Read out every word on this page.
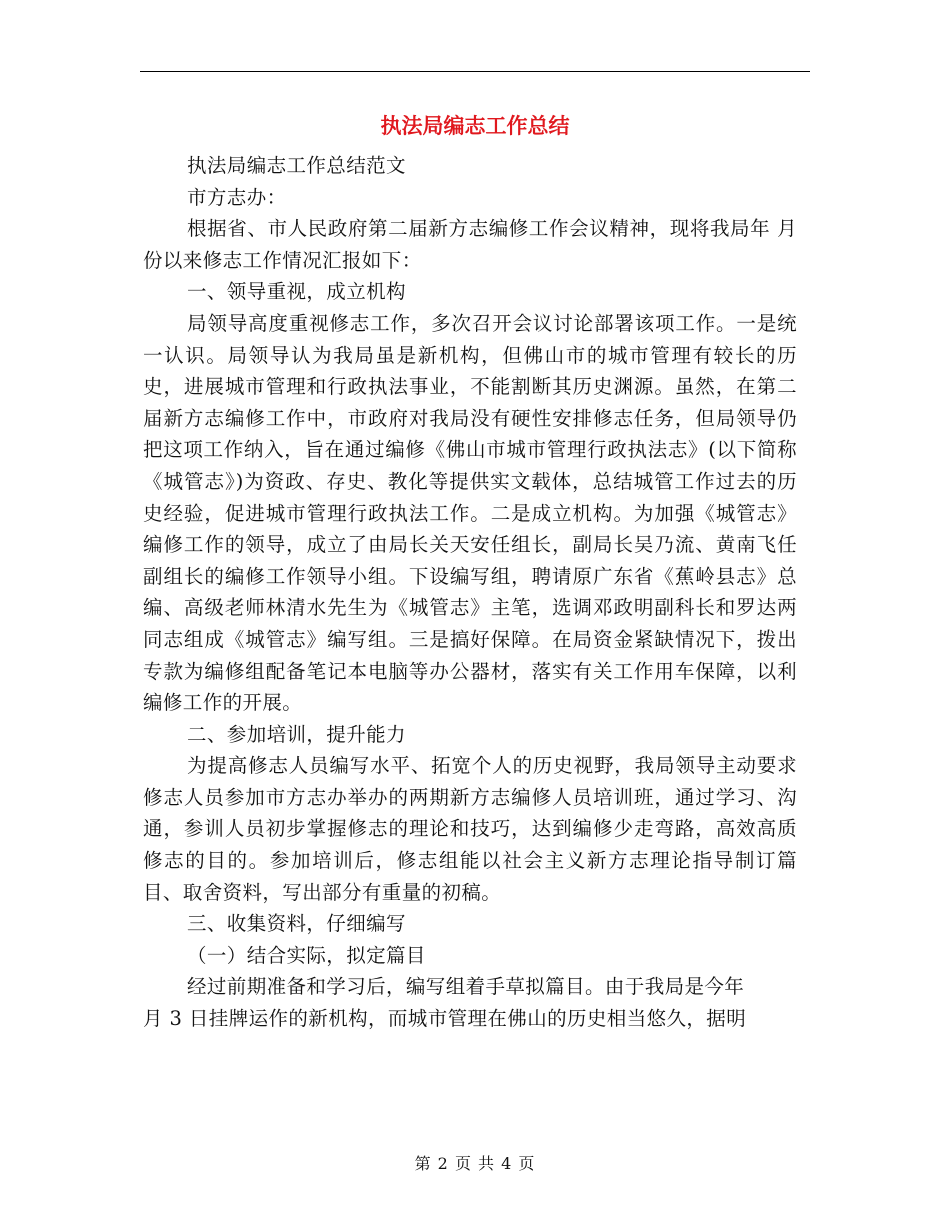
执法局编志工作总结

执法局编志工作总结范文

市方志办：

根据省、市人民政府第二届新方志编修工作会议精神，现将我局年 月份以来修志工作情况汇报如下：

一、领导重视，成立机构

局领导高度重视修志工作，多次召开会议讨论部署该项工作。一是统一认识。局领导认为我局虽是新机构，但佛山市的城市管理有较长的历史，进展城市管理和行政执法事业，不能割断其历史渊源。虽然，在第二届新方志编修工作中，市政府对我局没有硬性安排修志任务，但局领导仍把这项工作纳入，旨在通过编修《佛山市城市管理行政执法志》(以下简称《城管志》)为资政、存史、教化等提供实文载体，总结城管工作过去的历史经验，促进城市管理行政执法工作。二是成立机构。为加强《城管志》编修工作的领导，成立了由局长关天安任组长，副局长吴乃流、黄南飞任副组长的编修工作领导小组。下设编写组，聘请原广东省《蕉岭县志》总编、高级老师林清水先生为《城管志》主笔，选调邓政明副科长和罗达两同志组成《城管志》编写组。三是搞好保障。在局资金紧缺情况下，拨出专款为编修组配备笔记本电脑等办公器材，落实有关工作用车保障，以利编修工作的开展。

二、参加培训，提升能力

为提高修志人员编写水平、拓宽个人的历史视野，我局领导主动要求修志人员参加市方志办举办的两期新方志编修人员培训班，通过学习、沟通，参训人员初步掌握修志的理论和技巧，达到编修少走弯路，高效高质修志的目的。参加培训后，修志组能以社会主义新方志理论指导制订篇目、取舍资料，写出部分有重量的初稿。

三、收集资料，仔细编写

（一）结合实际，拟定篇目

经过前期准备和学习后，编写组着手草拟篇目。由于我局是今年

月 3 日挂牌运作的新机构，而城市管理在佛山的历史相当悠久，据明

第 2 页 共 4 页
